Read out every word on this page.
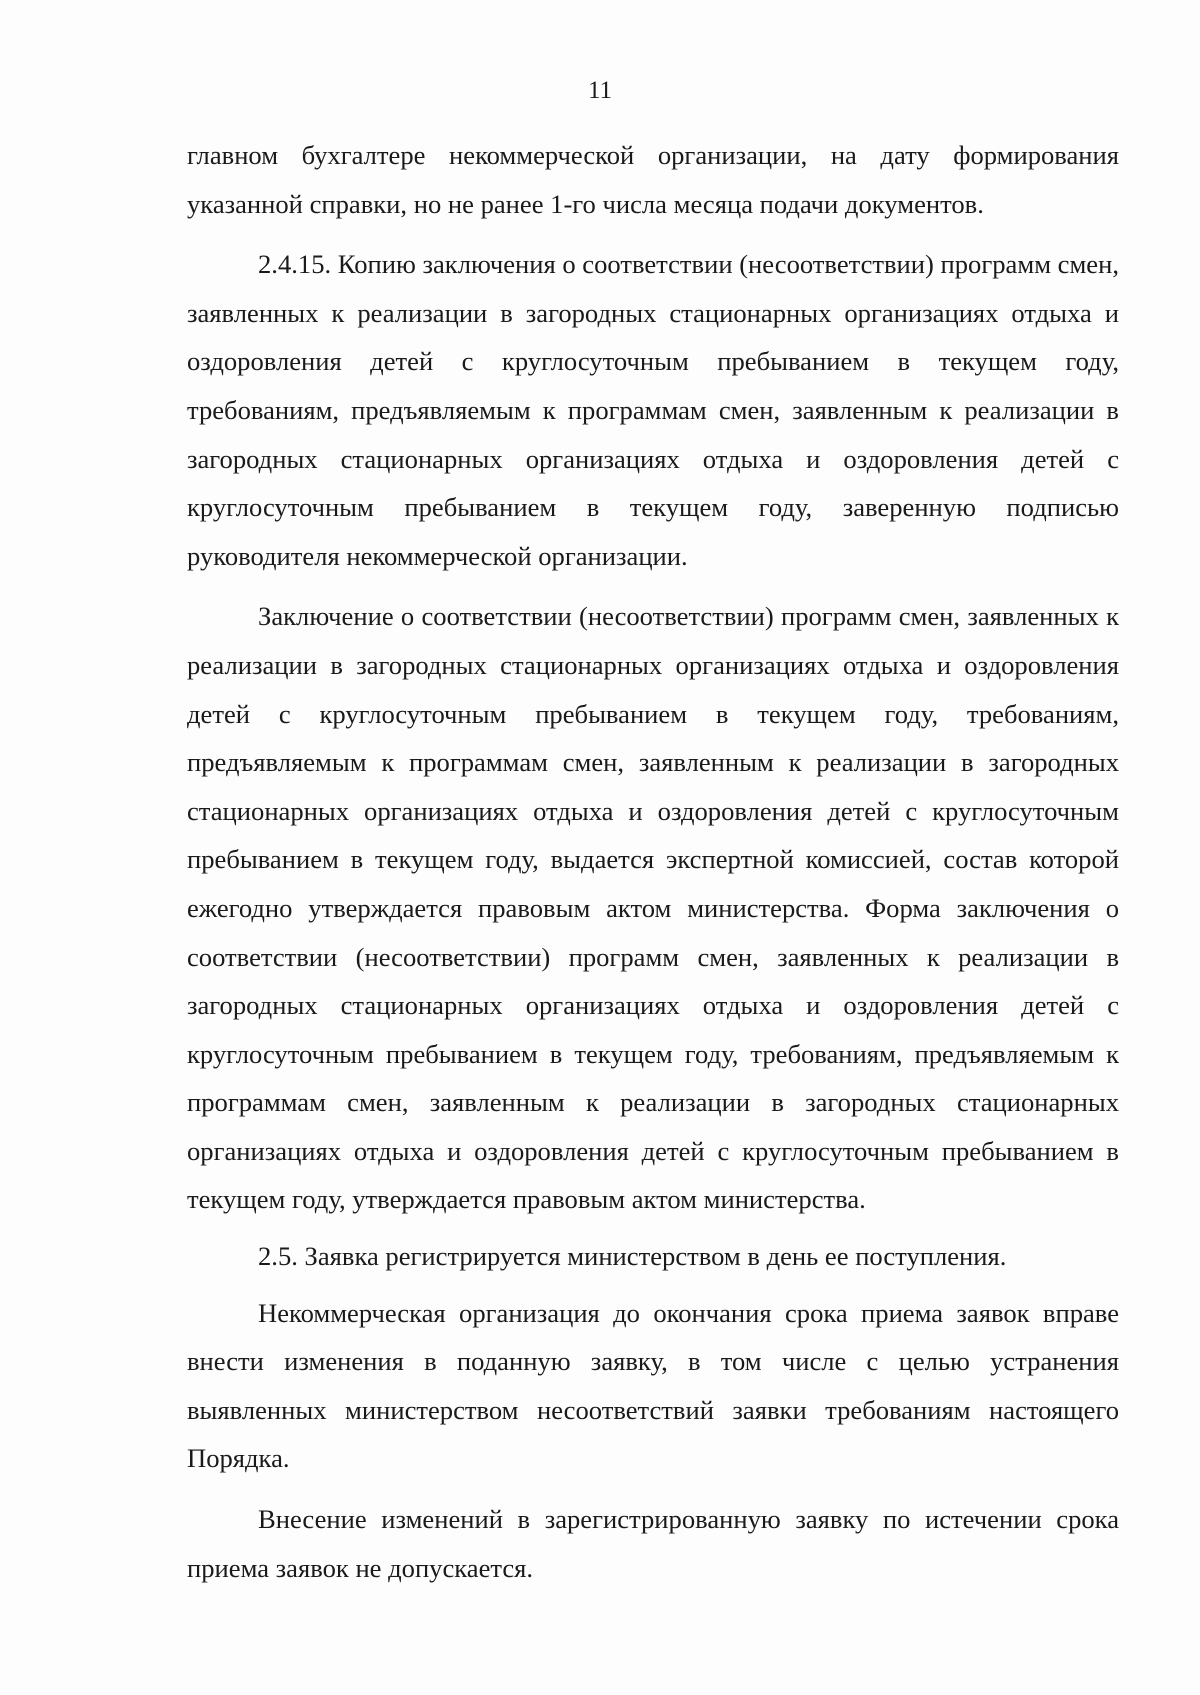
11

главном бухгалтере некоммерческой организации, на дату формирования указанной справки, но не ранее 1-го числа месяца подачи документов.

2.4.15. Копию заключения о соответствии (несоответствии) программ смен, заявленных к реализации в загородных стационарных организациях отдыха и оздоровления детей с круглосуточным пребыванием в текущем году, требованиям, предъявляемым к программам смен, заявленным к реализации в загородных стационарных организациях отдыха и оздоровления детей с круглосуточным пребыванием в текущем году, заверенную подписью руководителя некоммерческой организации.

Заключение о соответствии (несоответствии) программ смен, заявленных к реализации в загородных стационарных организациях отдыха и оздоровления детей с круглосуточным пребыванием в текущем году, требованиям, предъявляемым к программам смен, заявленным к реализации в загородных стационарных организациях отдыха и оздоровления детей с круглосуточным пребыванием в текущем году, выдается экспертной комиссией, состав которой ежегодно утверждается правовым актом министерства. Форма заключения о соответствии (несоответствии) программ смен, заявленных к реализации в загородных стационарных организациях отдыха и оздоровления детей с круглосуточным пребыванием в текущем году, требованиям, предъявляемым к программам смен, заявленным к реализации в загородных стационарных организациях отдыха и оздоровления детей с круглосуточным пребыванием в текущем году, утверждается правовым актом министерства.

2.5. Заявка регистрируется министерством в день ее поступления.

Некоммерческая организация до окончания срока приема заявок вправе внести изменения в поданную заявку, в том числе с целью устранения выявленных министерством несоответствий заявки требованиям настоящего Порядка.

Внесение изменений в зарегистрированную заявку по истечении срока приема заявок не допускается.
